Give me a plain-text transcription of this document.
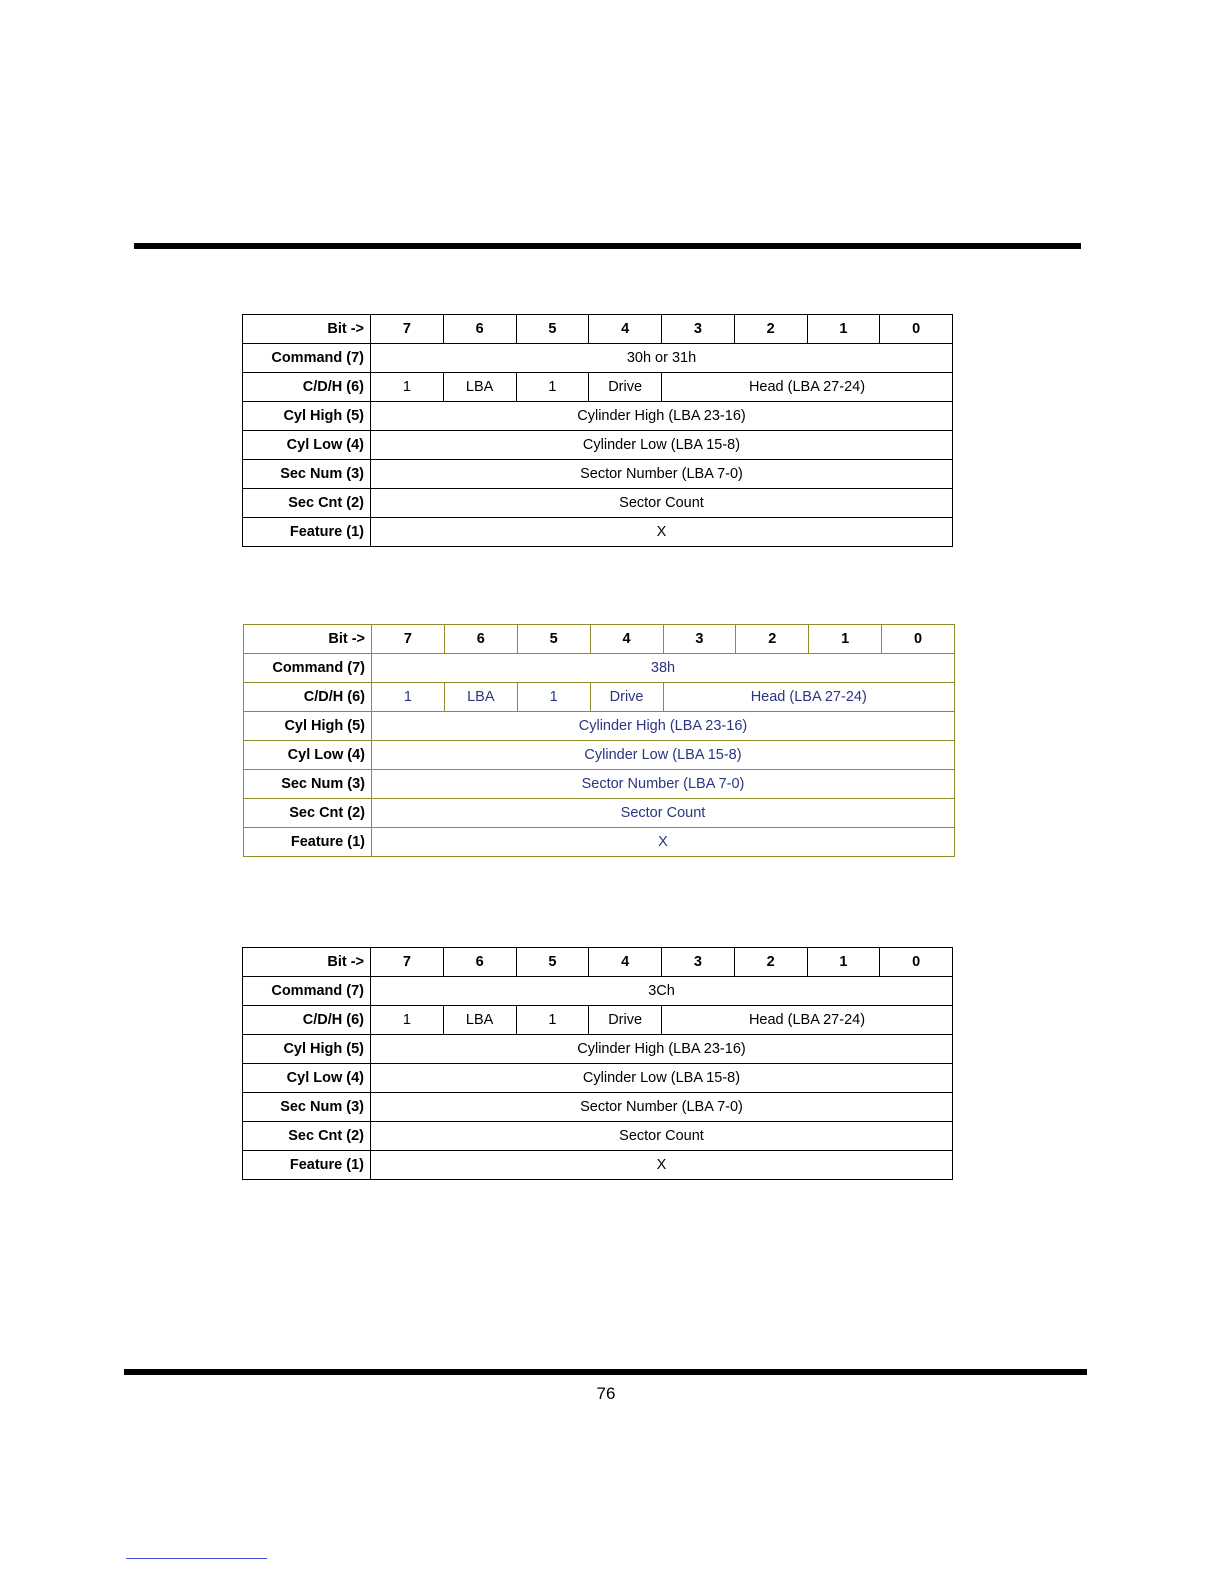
Bit ->	7	6	5	4	3	2	1	0
Command (7)	30h or 31h							
C/D/H (6)	1	LBA	1	Drive	Head (LBA 27-24)			
Cyl High (5)	Cylinder High (LBA 23-16)							
Cyl Low (4)	Cylinder Low (LBA 15-8)							
Sec Num (3)	Sector Number (LBA 7-0)							
Sec Cnt (2)	Sector Count							
Feature (1)	X							
Bit ->	7	6	5	4	3	2	1	0
Command (7)	38h							
C/D/H (6)	1	LBA	1	Drive	Head (LBA 27-24)			
Cyl High (5)	Cylinder High (LBA 23-16)							
Cyl Low (4)	Cylinder Low (LBA 15-8)							
Sec Num (3)	Sector Number (LBA 7-0)							
Sec Cnt (2)	Sector Count							
Feature (1)	X							
Bit ->	7	6	5	4	3	2	1	0
Command (7)	3Ch							
C/D/H (6)	1	LBA	1	Drive	Head (LBA 27-24)			
Cyl High (5)	Cylinder High (LBA 23-16)							
Cyl Low (4)	Cylinder Low (LBA 15-8)							
Sec Num (3)	Sector Number (LBA 7-0)							
Sec Cnt (2)	Sector Count							
Feature (1)	X							
76
